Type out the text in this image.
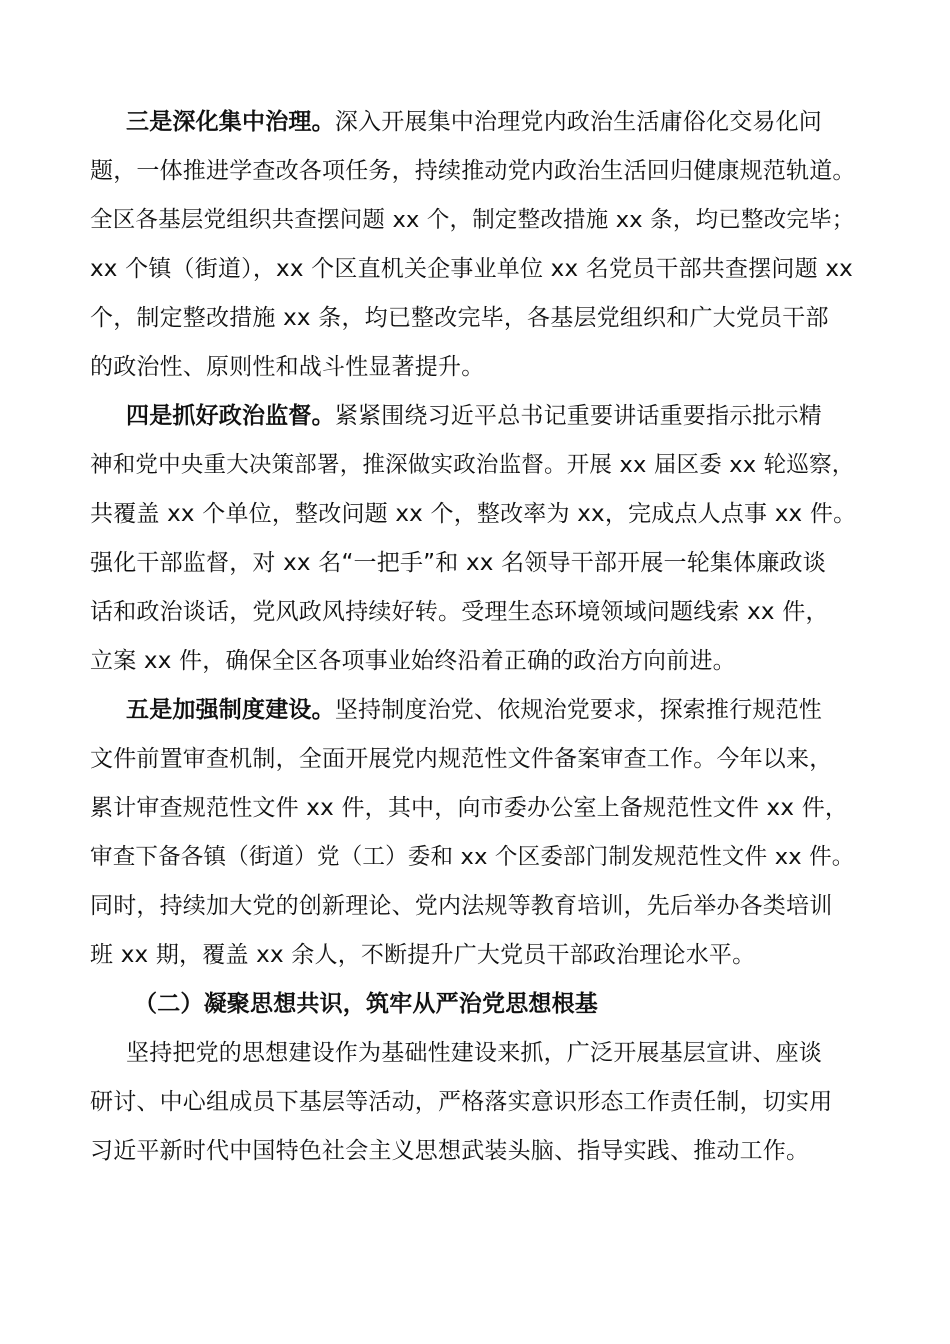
三是深化集中治理。深入开展集中治理党内政治生活庸俗化交易化问
题，一体推进学查改各项任务，持续推动党内政治生活回归健康规范轨道。
全区各基层党组织共查摆问题 xx 个，制定整改措施 xx 条，均已整改完毕；
xx 个镇（街道），xx 个区直机关企事业单位 xx 名党员干部共查摆问题 xx
个，制定整改措施 xx 条，均已整改完毕，各基层党组织和广大党员干部
的政治性、原则性和战斗性显著提升。
四是抓好政治监督。紧紧围绕习近平总书记重要讲话重要指示批示精
神和党中央重大决策部署，推深做实政治监督。开展 xx 届区委 xx 轮巡察，
共覆盖 xx 个单位，整改问题 xx 个，整改率为 xx，完成点人点事 xx 件。
强化干部监督，对 xx 名“一把手”和 xx 名领导干部开展一轮集体廉政谈
话和政治谈话，党风政风持续好转。受理生态环境领域问题线索 xx 件，
立案 xx 件，确保全区各项事业始终沿着正确的政治方向前进。
五是加强制度建设。坚持制度治党、依规治党要求，探索推行规范性
文件前置审查机制，全面开展党内规范性文件备案审查工作。今年以来，
累计审查规范性文件 xx 件，其中，向市委办公室上备规范性文件 xx 件，
审查下备各镇（街道）党（工）委和 xx 个区委部门制发规范性文件 xx 件。
同时，持续加大党的创新理论、党内法规等教育培训，先后举办各类培训
班 xx 期，覆盖 xx 余人，不断提升广大党员干部政治理论水平。
（二）凝聚思想共识，筑牢从严治党思想根基
坚持把党的思想建设作为基础性建设来抓，广泛开展基层宣讲、座谈
研讨、中心组成员下基层等活动，严格落实意识形态工作责任制，切实用
习近平新时代中国特色社会主义思想武装头脑、指导实践、推动工作。
